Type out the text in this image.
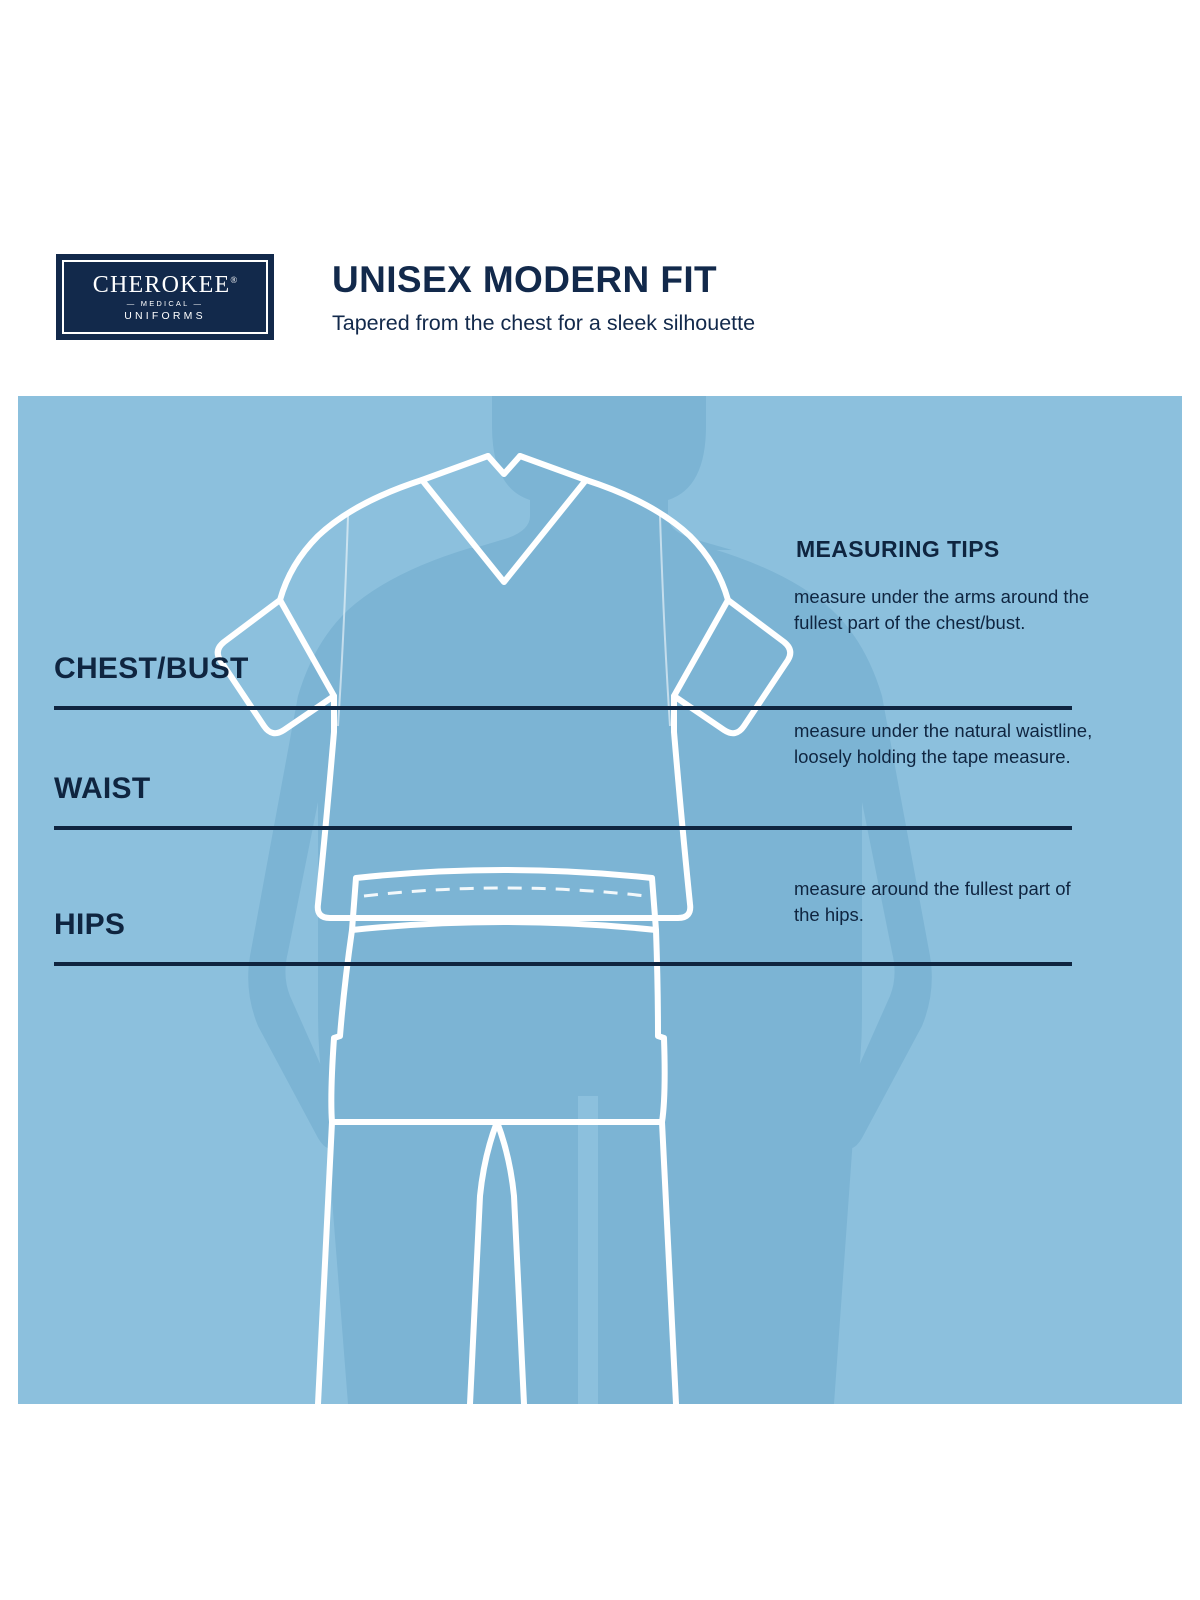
CHEROKEE®
— MEDICAL —
UNIFORMS
UNISEX MODERN FIT
Tapered from the chest for a sleek silhouette
CHEST/BUST
WAIST
HIPS
MEASURING TIPS
measure under the arms around the fullest part of the chest/bust.
measure under the natural waistline, loosely holding the tape measure.
measure around the fullest part of the hips.
